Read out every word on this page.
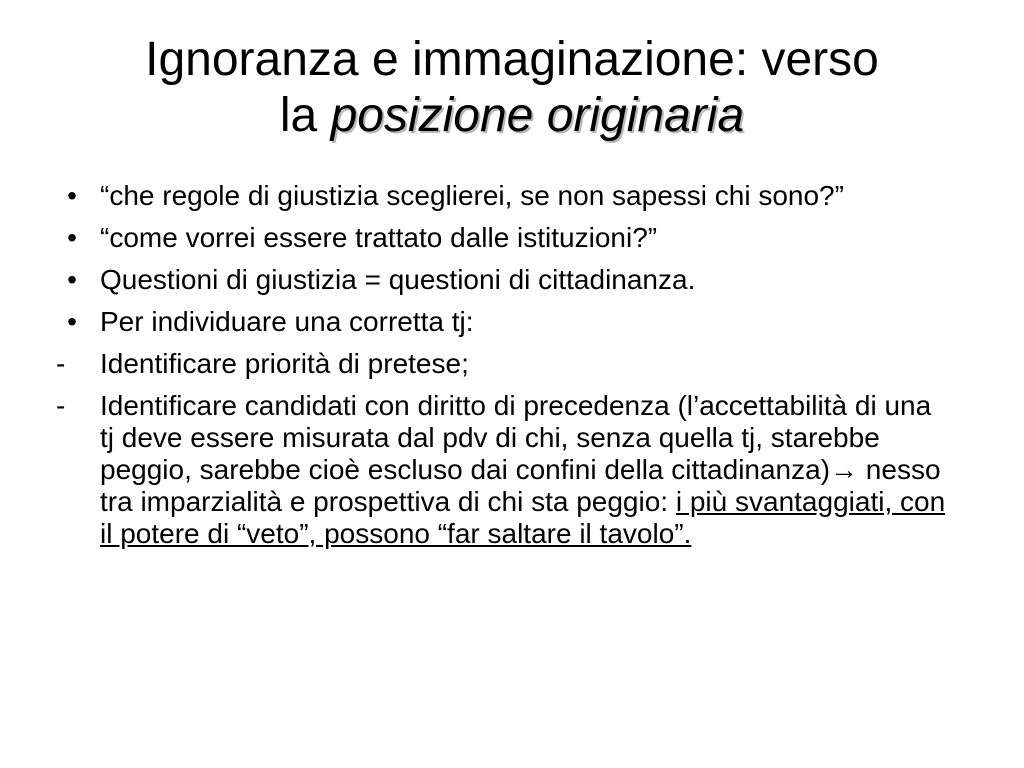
Ignoranza e immaginazione: verso
la posizione originaria
• “che regole di giustizia sceglierei, se non sapessi chi sono?”
• “come vorrei essere trattato dalle istituzioni?”
• Questioni di giustizia = questioni di cittadinanza.
• Per individuare una corretta tj:
-	Identificare priorità di pretese;
-	Identificare candidati con diritto di precedenza (l’accettabilità di una tj deve essere misurata dal pdv di chi, senza quella tj, starebbe peggio, sarebbe cioè escluso dai confini della cittadinanza)→ nesso tra imparzialità e prospettiva di chi sta peggio: i più svantaggiati, con il potere di “veto”, possono “far saltare il tavolo”.
